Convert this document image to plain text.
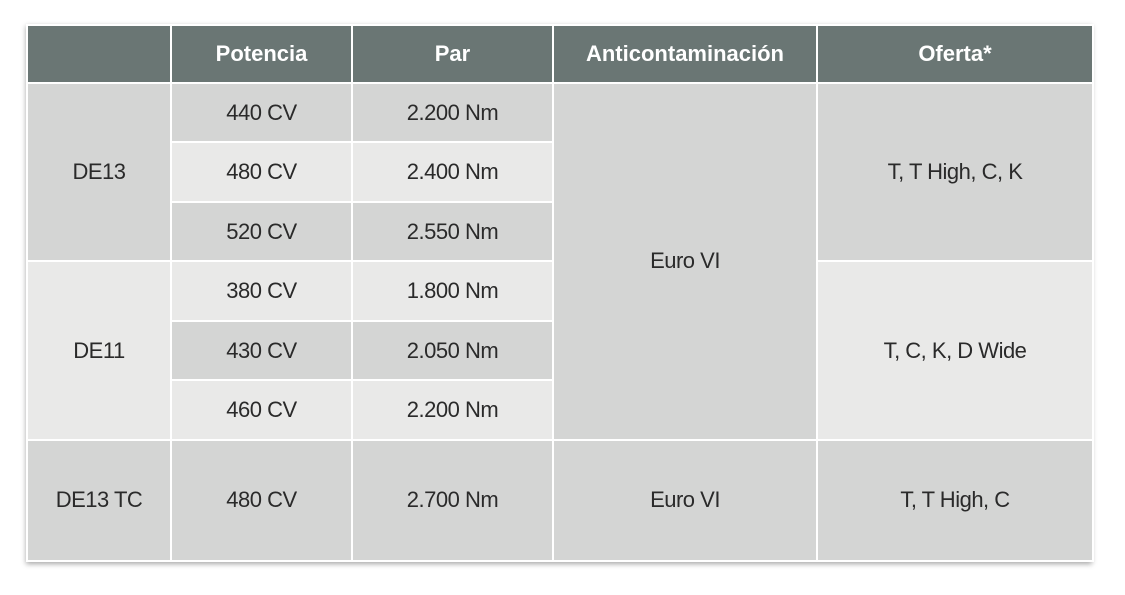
	Potencia	Par	Anticontaminación	Oferta*
DE13	440 CV	2.200 Nm	Euro VI	T, T High, C, K
	480 CV	2.400 Nm		
	520 CV	2.550 Nm		
DE11	380 CV	1.800 Nm		T, C, K, D Wide
	430 CV	2.050 Nm		
	460 CV	2.200 Nm		
DE13 TC	480 CV	2.700 Nm	Euro VI	T, T High, C
